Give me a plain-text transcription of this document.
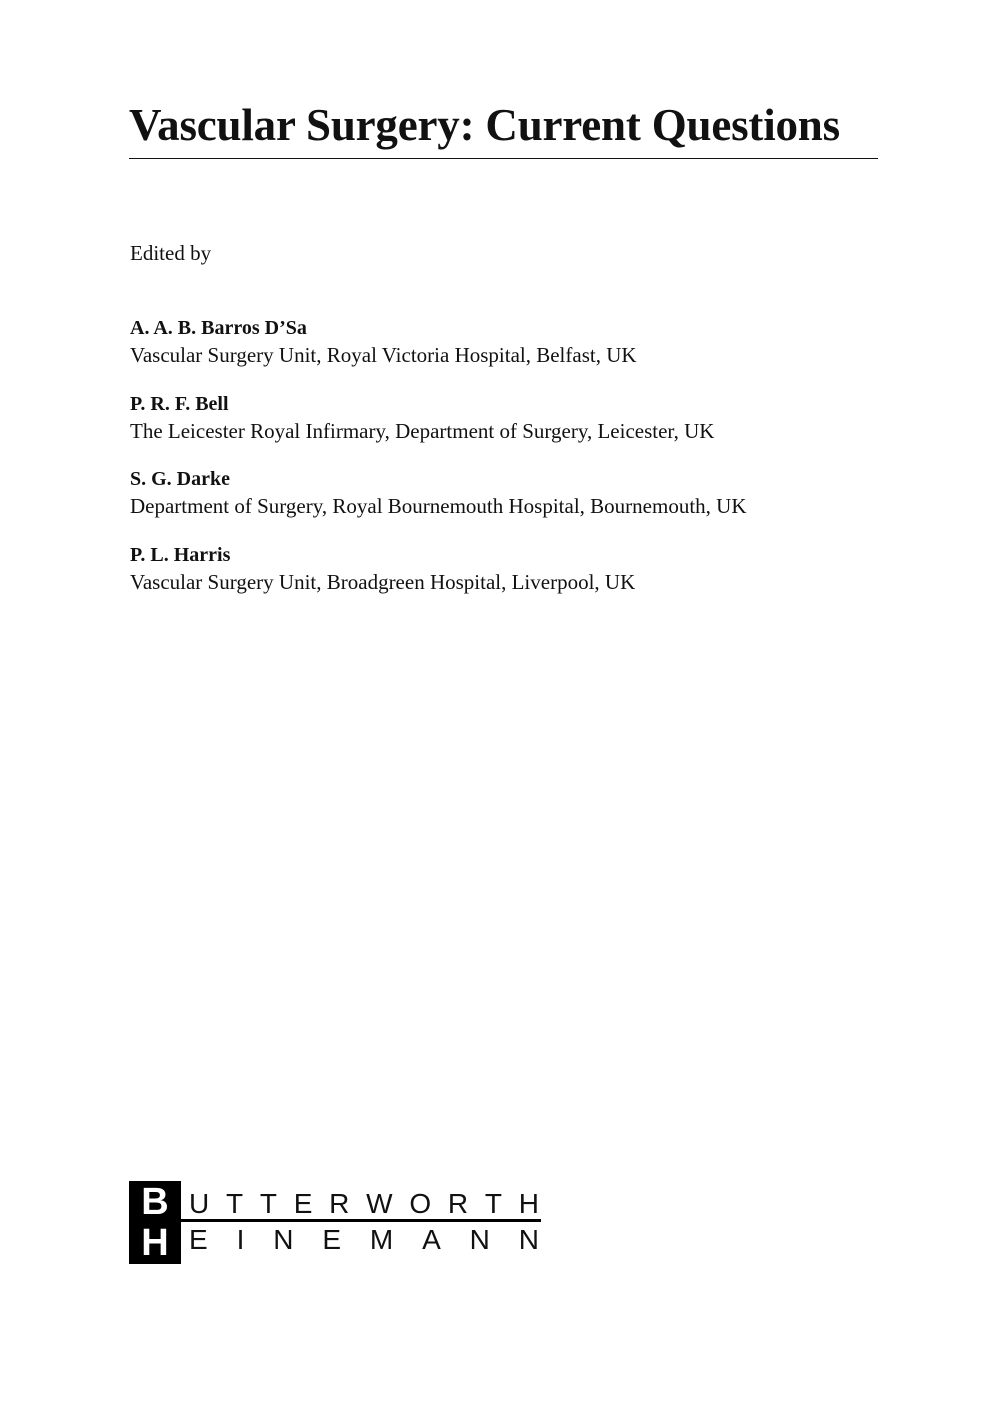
Vascular Surgery: Current Questions
Edited by
A. A. B. Barros D’Sa
Vascular Surgery Unit, Royal Victoria Hospital, Belfast, UK
P. R. F. Bell
The Leicester Royal Infirmary, Department of Surgery, Leicester, UK
S. G. Darke
Department of Surgery, Royal Bournemouth Hospital, Bournemouth, UK
P. L. Harris
Vascular Surgery Unit, Broadgreen Hospital, Liverpool, UK
B
H
U T T E R W O R T H
E I N E M A N N
